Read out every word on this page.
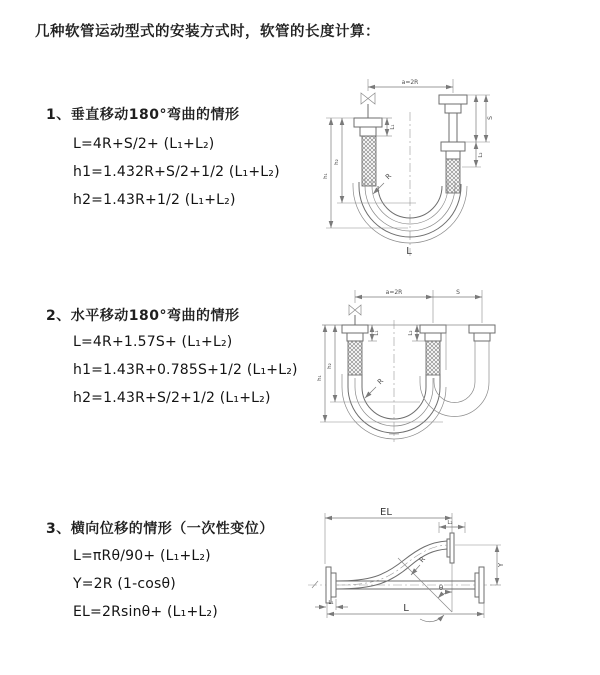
几种软管运动型式的安装方式时，软管的长度计算：
1、垂直移动180°弯曲的情形
L=4R+S/2+ (L₁+L₂)
h1=1.432R+S/2+1/2 (L₁+L₂)
h2=1.43R+1/2 (L₁+L₂)
a=2R
h₂
h₁
L₁
S
L₂
R
L
2、水平移动180°弯曲的情形
L=4R+1.57S+ (L₁+L₂)
h1=1.43R+0.785S+1/2 (L₁+L₂)
h2=1.43R+S/2+1/2 (L₁+L₂)
a=2R	S
h₂
h₁
L₁	L₂
R
3、横向位移的情形（一次性变位）
L=πRθ/90+ (L₁+L₂)
Y=2R (1-cosθ)
EL=2Rsinθ+ (L₁+L₂)
EL
L₂
R
θ
Y
L
L₁
